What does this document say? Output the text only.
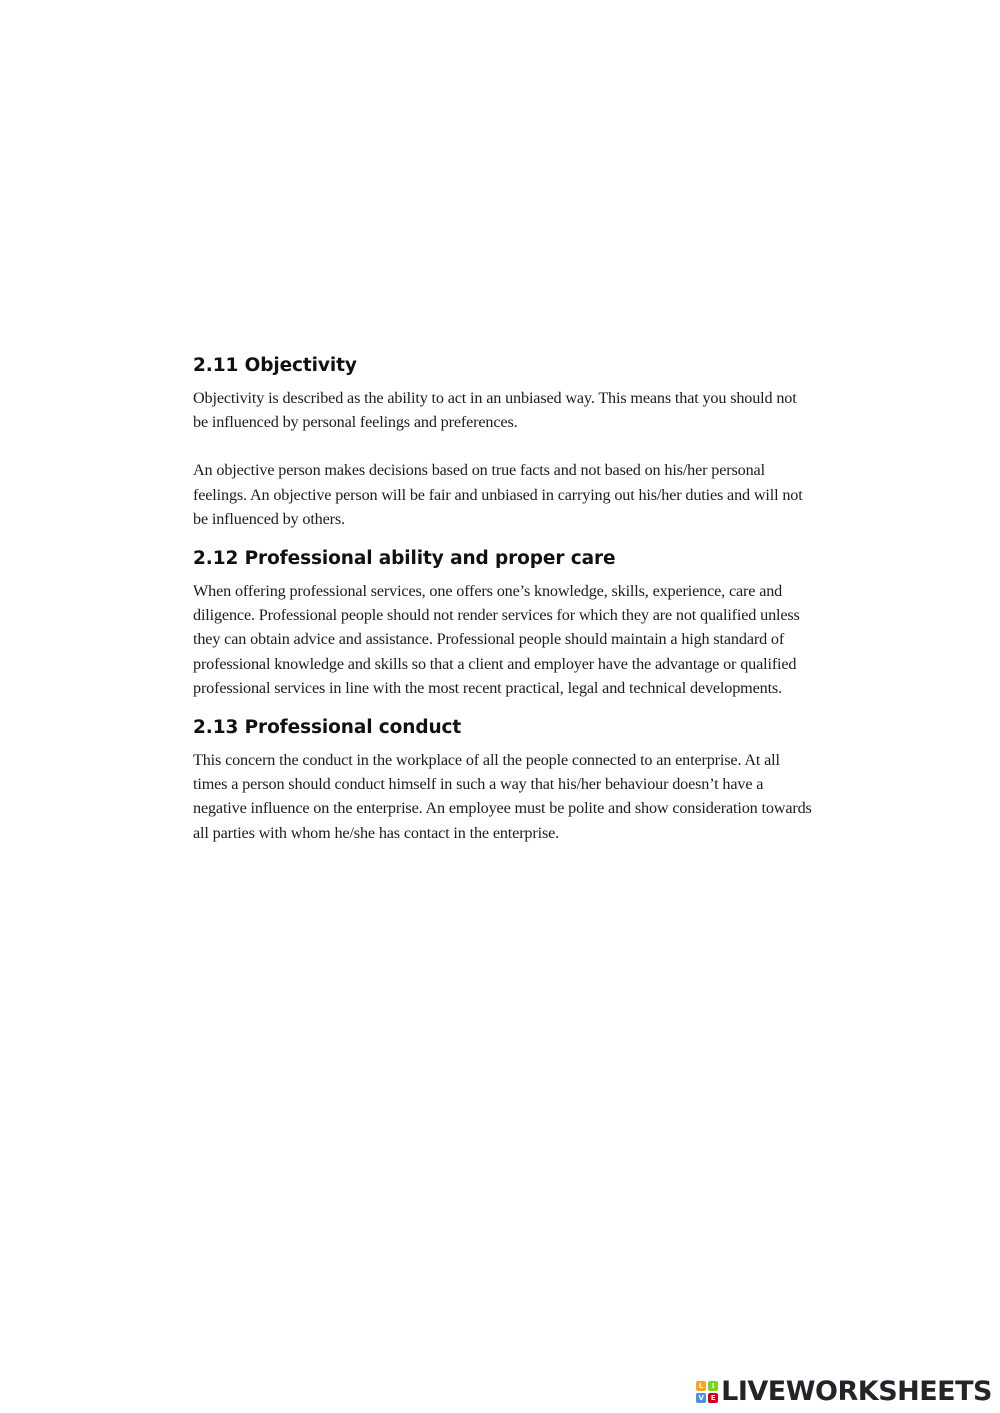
2.11 Objectivity

Objectivity is described as the ability to act in an unbiased way. This means that you should not be influenced by personal feelings and preferences.

An objective person makes decisions based on true facts and not based on his/her personal feelings. An objective person will be fair and unbiased in carrying out his/her duties and will not be influenced by others.

2.12 Professional ability and proper care

When offering professional services, one offers one’s knowledge, skills, experience, care and diligence. Professional people should not render services for which they are not qualified unless they can obtain advice and assistance. Professional people should maintain a high standard of professional knowledge and skills so that a client and employer have the advantage or qualified professional services in line with the most recent practical, legal and technical developments.

2.13 Professional conduct

This concern the conduct in the workplace of all the people connected to an enterprise. At all times a person should conduct himself in such a way that his/her behaviour doesn’t have a negative influence on the enterprise. An employee must be polite and show consideration towards all parties with whom he/she has contact in the enterprise.

L	I
V E LIVEWORKSHEETS
